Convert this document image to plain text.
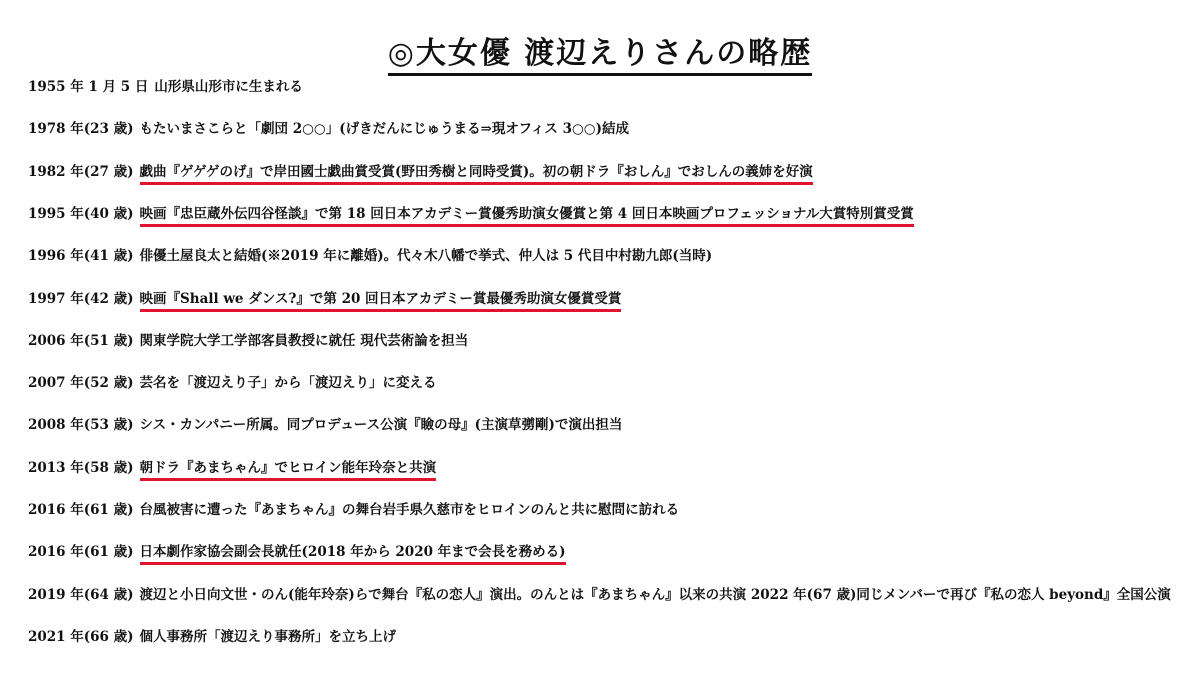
◎大女優 渡辺えりさんの略歴
1955 年 1 月 5 日 山形県山形市に生まれる
1978 年(23 歳) もたいまさこらと「劇団 2○○」(げきだんにじゅうまる⇒現オフィス 3○○)結成
1982 年(27 歳) 戯曲『ゲゲゲのげ』で岸田國士戯曲賞受賞(野田秀樹と同時受賞)。初の朝ドラ『おしん』でおしんの義姉を好演
1995 年(40 歳) 映画『忠臣蔵外伝四谷怪談』で第 18 回日本アカデミー賞優秀助演女優賞と第 4 回日本映画プロフェッショナル大賞特別賞受賞
1996 年(41 歳) 俳優土屋良太と結婚(※2019 年に離婚)。代々木八幡で挙式、仲人は 5 代目中村勘九郎(当時)
1997 年(42 歳) 映画『Shall we ダンス?』で第 20 回日本アカデミー賞最優秀助演女優賞受賞
2006 年(51 歳) 関東学院大学工学部客員教授に就任 現代芸術論を担当
2007 年(52 歳) 芸名を「渡辺えり子」から「渡辺えり」に変える
2008 年(53 歳) シス・カンパニー所属。同プロデュース公演『瞼の母』(主演草彅剛)で演出担当
2013 年(58 歳) 朝ドラ『あまちゃん』でヒロイン能年玲奈と共演
2016 年(61 歳) 台風被害に遭った『あまちゃん』の舞台岩手県久慈市をヒロインのんと共に慰問に訪れる
2016 年(61 歳) 日本劇作家協会副会長就任(2018 年から 2020 年まで会長を務める)
2019 年(64 歳) 渡辺と小日向文世・のん(能年玲奈)らで舞台『私の恋人』演出。のんとは『あまちゃん』以来の共演 2022 年(67 歳)同じメンバーで再び『私の恋人 beyond』全国公演
2021 年(66 歳) 個人事務所「渡辺えり事務所」を立ち上げ
